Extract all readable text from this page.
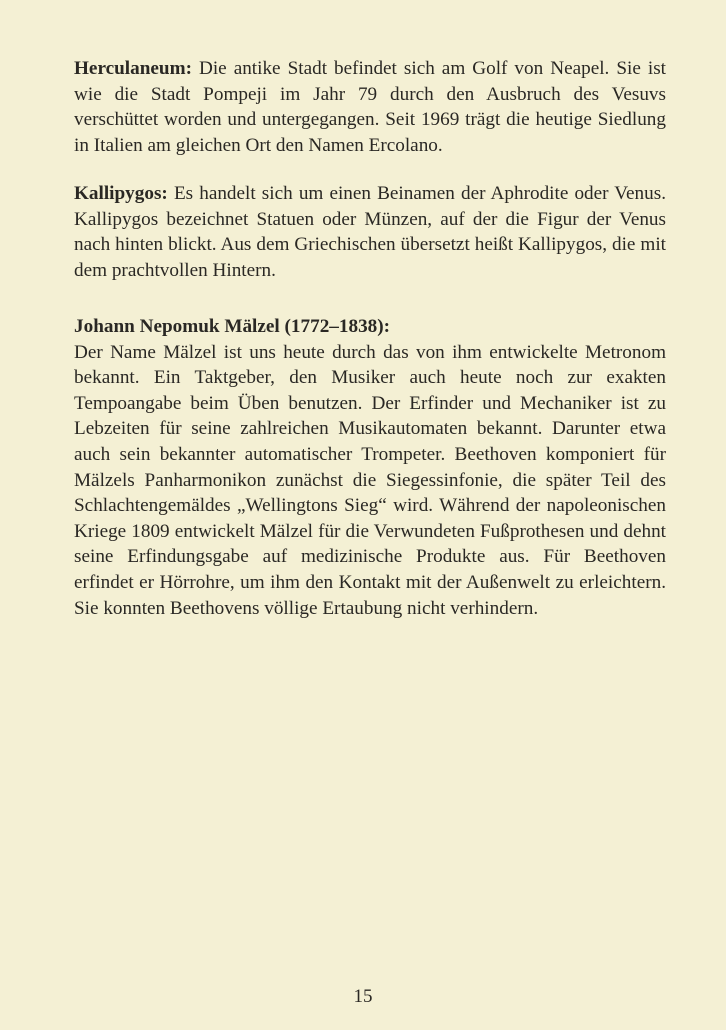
Herculaneum: Die antike Stadt befindet sich am Golf von Neapel. Sie ist wie die Stadt Pompeji im Jahr 79 durch den Ausbruch des Vesuvs verschüttet worden und untergegangen. Seit 1969 trägt die heutige Siedlung in Italien am gleichen Ort den Namen Ercolano.
Kallipygos: Es handelt sich um einen Beinamen der Aphrodite oder Venus. Kallipygos bezeichnet Statuen oder Münzen, auf der die Figur der Venus nach hinten blickt. Aus dem Griechischen übersetzt heißt Kallipygos, die mit dem prachtvollen Hintern.
Johann Nepomuk Mälzel (1772–1838):
Der Name Mälzel ist uns heute durch das von ihm entwickelte Metronom bekannt. Ein Taktgeber, den Musiker auch heute noch zur exakten Tempoangabe beim Üben benutzen. Der Erfinder und Mechaniker ist zu Lebzeiten für seine zahlreichen Musikautomaten bekannt. Darunter etwa auch sein bekannter automatischer Trompeter. Beethoven komponiert für Mälzels Panharmonikon zunächst die Siegessinfonie, die später Teil des Schlachtengemäldes „Wellingtons Sieg“ wird. Während der napoleonischen Kriege 1809 entwickelt Mälzel für die Verwundeten Fußprothesen und dehnt seine Erfindungsgabe auf medizinische Produkte aus. Für Beethoven erfindet er Hörrohre, um ihm den Kontakt mit der Außenwelt zu erleichtern. Sie konnten Beethovens völlige Ertaubung nicht verhindern.
15
